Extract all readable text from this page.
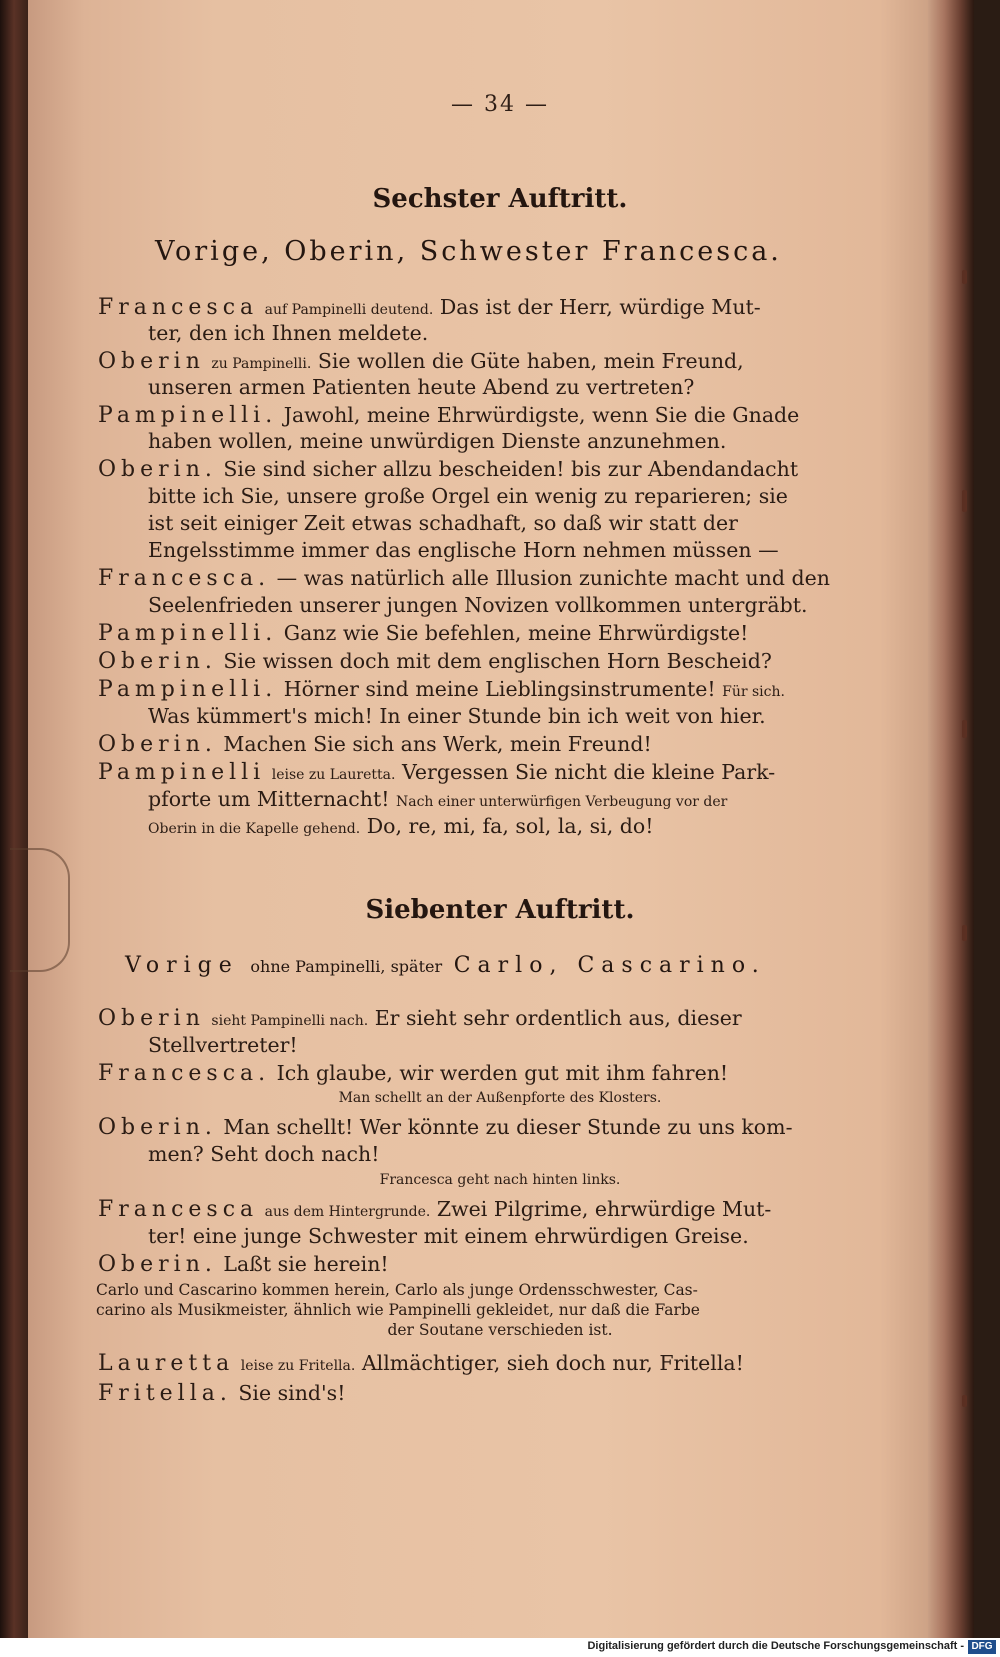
— 34 —
Sechster Auftritt.
Vorige, Oberin, Schwester Francesca.
Francesca auf Pampinelli deutend. Das ist der Herr, würdige Mut-
ter, den ich Ihnen meldete.
Oberin zu Pampinelli. Sie wollen die Güte haben, mein Freund,
unseren armen Patienten heute Abend zu vertreten?
Pampinelli. Jawohl, meine Ehrwürdigste, wenn Sie die Gnade
haben wollen, meine unwürdigen Dienste anzunehmen.
Oberin. Sie sind sicher allzu bescheiden! bis zur Abendandacht
bitte ich Sie, unsere große Orgel ein wenig zu reparieren; sie
ist seit einiger Zeit etwas schadhaft, so daß wir statt der
Engelsstimme immer das englische Horn nehmen müssen —
Francesca. — was natürlich alle Illusion zunichte macht und den
Seelenfrieden unserer jungen Novizen vollkommen untergräbt.
Pampinelli. Ganz wie Sie befehlen, meine Ehrwürdigste!
Oberin. Sie wissen doch mit dem englischen Horn Bescheid?
Pampinelli. Hörner sind meine Lieblingsinstrumente! Für sich.
Was kümmert's mich! In einer Stunde bin ich weit von hier.
Oberin. Machen Sie sich ans Werk, mein Freund!
Pampinelli leise zu Lauretta. Vergessen Sie nicht die kleine Park-
pforte um Mitternacht! Nach einer unterwürfigen Verbeugung vor der
Oberin in die Kapelle gehend. Do, re, mi, fa, sol, la, si, do!
Siebenter Auftritt.
Vorige ohne Pampinelli, später Carlo, Cascarino.
Oberin sieht Pampinelli nach. Er sieht sehr ordentlich aus, dieser
Stellvertreter!
Francesca. Ich glaube, wir werden gut mit ihm fahren!
Man schellt an der Außenpforte des Klosters.
Oberin. Man schellt! Wer könnte zu dieser Stunde zu uns kom-
men? Seht doch nach!
Francesca geht nach hinten links.
Francesca aus dem Hintergrunde. Zwei Pilgrime, ehrwürdige Mut-
ter! eine junge Schwester mit einem ehrwürdigen Greise.
Oberin. Laßt sie herein!
Carlo und Cascarino kommen herein, Carlo als junge Ordensschwester, Cas-
carino als Musikmeister, ähnlich wie Pampinelli gekleidet, nur daß die Farbe
der Soutane verschieden ist.
Lauretta leise zu Fritella. Allmächtiger, sieh doch nur, Fritella!
Fritella. Sie sind's!
Digitalisierung gefördert durch die Deutsche Forschungsgemeinschaft - DFG
